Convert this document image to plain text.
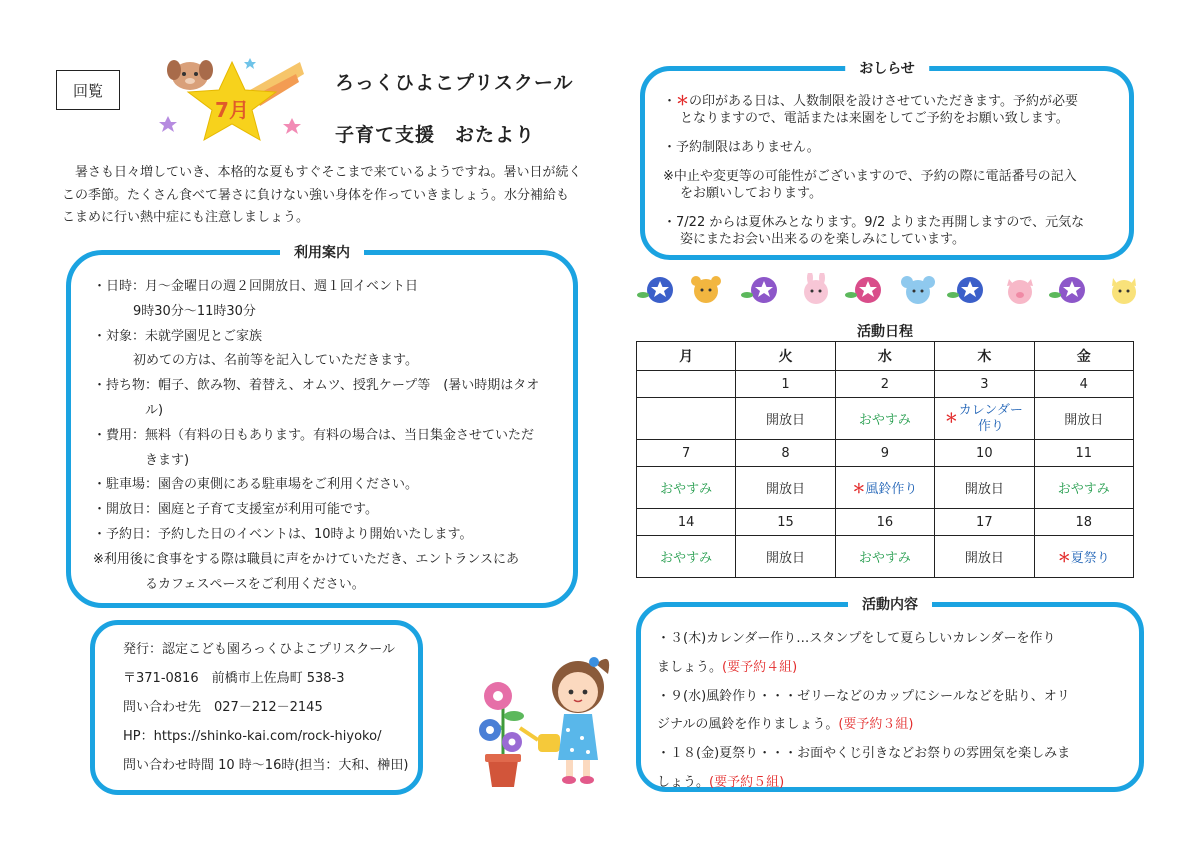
回覧
7月
ろっくひよこプリスクール
子育て支援　おたより

　暑さも日々増していき、本格的な夏もすぐそこまで来ているようですね。暑い日が続く

この季節。たくさん食べて暑さに負けない強い身体を作っていきましょう。水分補給も

こまめに行い熱中症にも注意しましょう。

利用案内
・日時：月～金曜日の週２回開放日、週１回イベント日
9時30分～11時30分
・対象：未就学園児とご家族
初めての方は、名前等を記入していただきます。
・持ち物：帽子、飲み物、着替え、オムツ、授乳ケープ等　(暑い時期はタオ
ル)
・費用：無料（有料の日もあります。有料の場合は、当日集金させていただ
きます)
・駐車場：園舎の東側にある駐車場をご利用ください。
・開放日：園庭と子育て支援室が利用可能です。
・予約日：予約した日のイベントは、10時より開始いたします。
※利用後に食事をする際は職員に声をかけていただき、エントランスにあ
るカフェスペースをご利用ください。
発行：認定こども園ろっくひよこプリスクール
〒371-0816　前橋市上佐鳥町 538-3
問い合わせ先　027－212－2145
HP：https://shinko-kai.com/rock-hiyoko/
問い合わせ時間 10 時～16時(担当：大和、榊田)
おしらせ
・＊の印がある日は、人数制限を設けさせていただきます。予約が必要
となりますので、電話または来園をしてご予約をお願い致します。
・予約制限はありません。
※中止や変更等の可能性がございますので、予約の際に電話番号の記入
をお願いしております。
・7/22 からは夏休みとなります。9/2 よりまた再開しますので、元気な
姿にまたお会い出来るのを楽しみにしています。
活動日程
月	火	水	木	金
	1	2	3	4
	開放日	おやすみ	＊カレンダー作り	開放日
7	8	9	10	11
おやすみ	開放日	＊風鈴作り	開放日	おやすみ
14	15	16	17	18
おやすみ	開放日	おやすみ	開放日	＊夏祭り
活動内容
・３(木)カレンダー作り…スタンプをして夏らしいカレンダーを作り
ましょう。(要予約４組)
・９(水)風鈴作り・・・ゼリーなどのカップにシールなどを貼り、オリ
ジナルの風鈴を作りましょう。(要予約３組)
・１８(金)夏祭り・・・お面やくじ引きなどお祭りの雰囲気を楽しみま
しょう。(要予約５組)
